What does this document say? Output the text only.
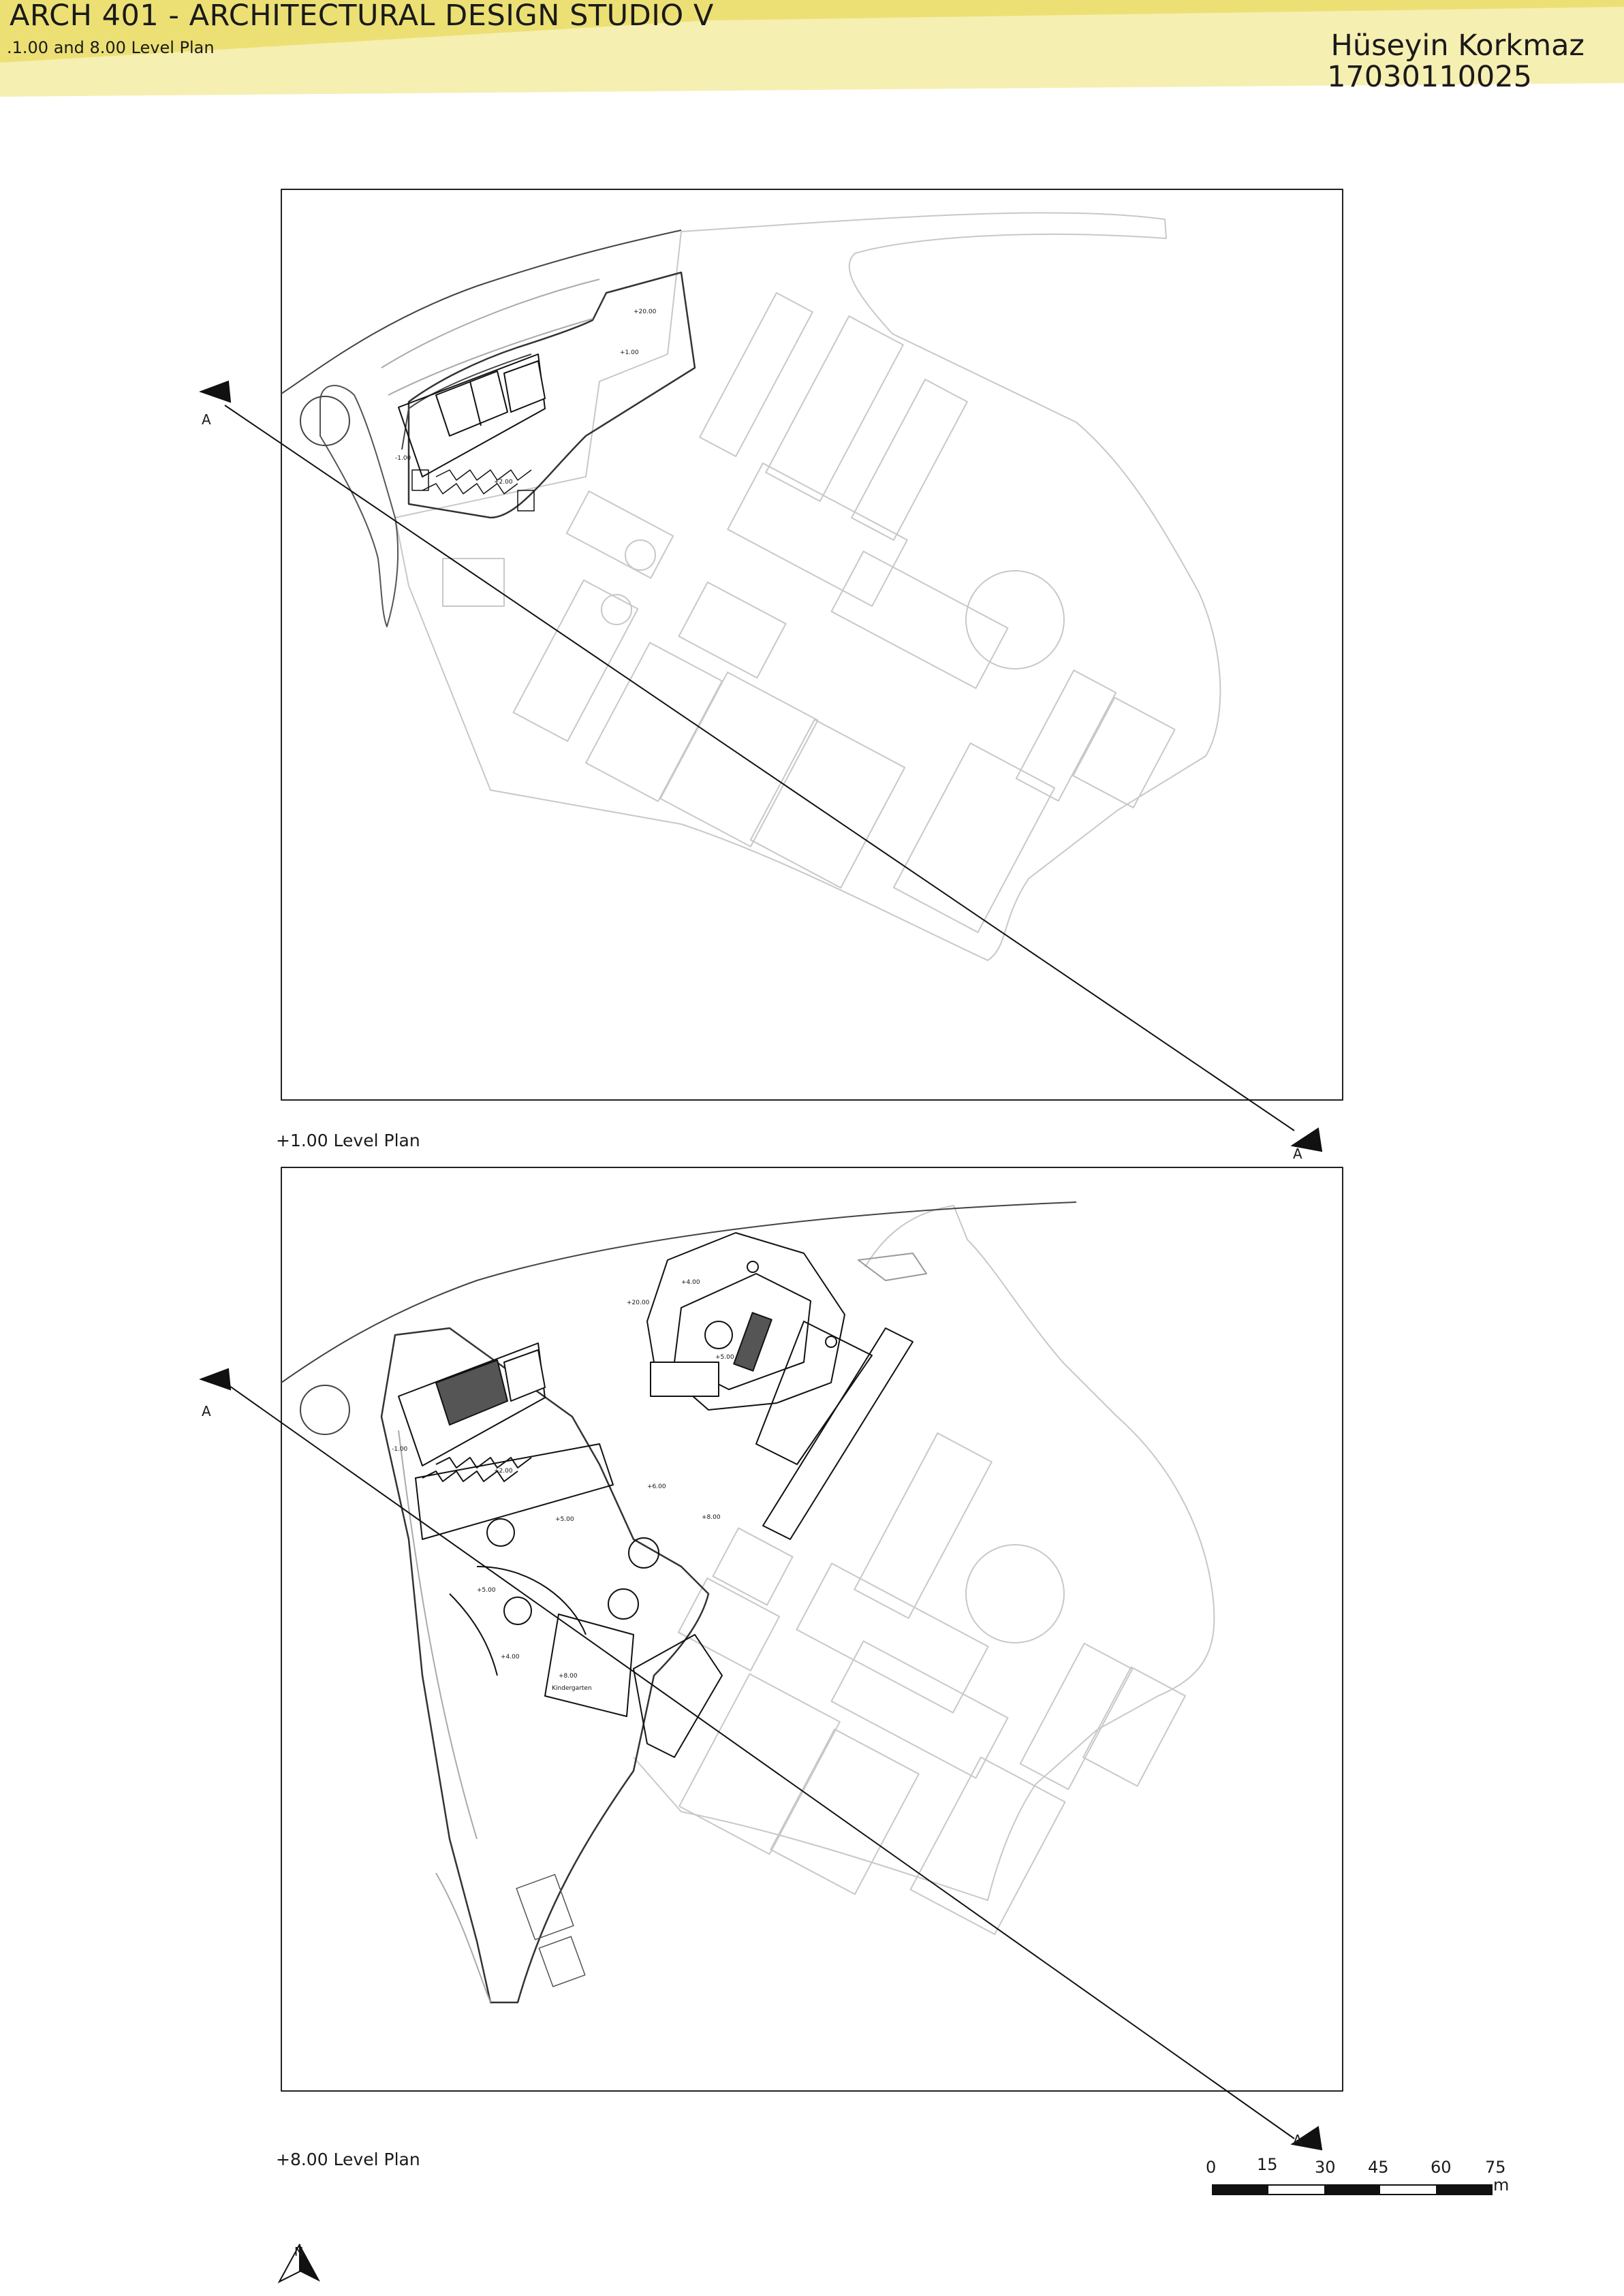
ARCH 401 - ARCHITECTURAL DESIGN STUDIO V
.1.00 and 8.00 Level Plan	Hüseyin Korkmaz
17030110025
+20.00
+1.00
-1.00
+2.00
A
A
+1.00 Level Plan
+20.00
+4.00
+5.00
-1.00
+2.00
+5.00
+6.00
+8.00
+5.00
+4.00
+8.00
Kindergarten
A
A
+8.00 Level Plan	0 15 30 45	60 75
m
N
